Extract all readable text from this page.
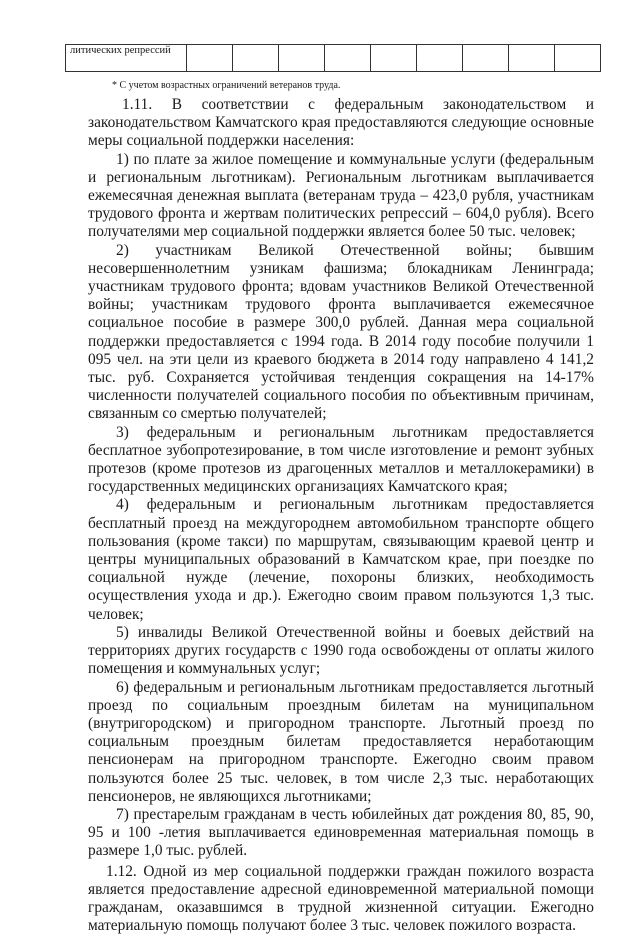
литических репрессий									
* С учетом возрастных ограничений ветеранов труда.

1.11. В соответствии с федеральным законодательством и законодательством Камчатского края предоставляются следующие основные меры социальной поддержки населения:

1) по плате за жилое помещение и коммунальные услуги (федеральным и региональным льготникам). Региональным льготникам выплачивается ежемесячная денежная выплата (ветеранам труда – 423,0 рубля, участникам трудового фронта и жертвам политических репрессий – 604,0 рубля). Всего получателями мер социальной поддержки является более 50 тыс. человек;

2) участникам Великой Отечественной войны; бывшим несовершеннолетним узникам фашизма; блокадникам Ленинграда; участникам трудового фронта; вдовам участников Великой Отечественной войны; участникам трудового фронта выплачивается ежемесячное социальное пособие в размере 300,0 рублей. Данная мера социальной поддержки предоставляется с 1994 года. В 2014 году пособие получили 1 095 чел. на эти цели из краевого бюджета в 2014 году направлено 4 141,2 тыс. руб. Сохраняется устойчивая тенденция сокращения на 14-17% численности получателей социального пособия по объективным причинам, связанным со смертью получателей;

3) федеральным и региональным льготникам предоставляется бесплатное зубопротезирование, в том числе изготовление и ремонт зубных протезов (кроме протезов из драгоценных металлов и металлокерамики) в государственных медицинских организациях Камчатского края;

4) федеральным и региональным льготникам предоставляется бесплатный проезд на междугороднем автомобильном транспорте общего пользования (кроме такси) по маршрутам, связывающим краевой центр и центры муниципальных образований в Камчатском крае, при поездке по социальной нужде (лечение, похороны близких, необходимость осуществления ухода и др.). Ежегодно своим правом пользуются 1,3 тыс. человек;

5) инвалиды Великой Отечественной войны и боевых действий на территориях других государств с 1990 года освобождены от оплаты жилого помещения и коммунальных услуг;

6) федеральным и региональным льготникам предоставляется льготный проезд по социальным проездным билетам на муниципальном (внутригородском) и пригородном транспорте. Льготный проезд по социальным проездным билетам предоставляется неработающим пенсионерам на пригородном транспорте. Ежегодно своим правом пользуются более 25 тыс. человек, в том числе 2,3 тыс. неработающих пенсионеров, не являющихся льготниками;

7) престарелым гражданам в честь юбилейных дат рождения 80, 85, 90, 95 и 100 -летия выплачивается единовременная материальная помощь в размере 1,0 тыс. рублей.

1.12. Одной из мер социальной поддержки граждан пожилого возраста является предоставление адресной единовременной материальной помощи гражданам, оказавшимся в трудной жизненной ситуации. Ежегодно материальную помощь получают более 3 тыс. человек пожилого возраста.
